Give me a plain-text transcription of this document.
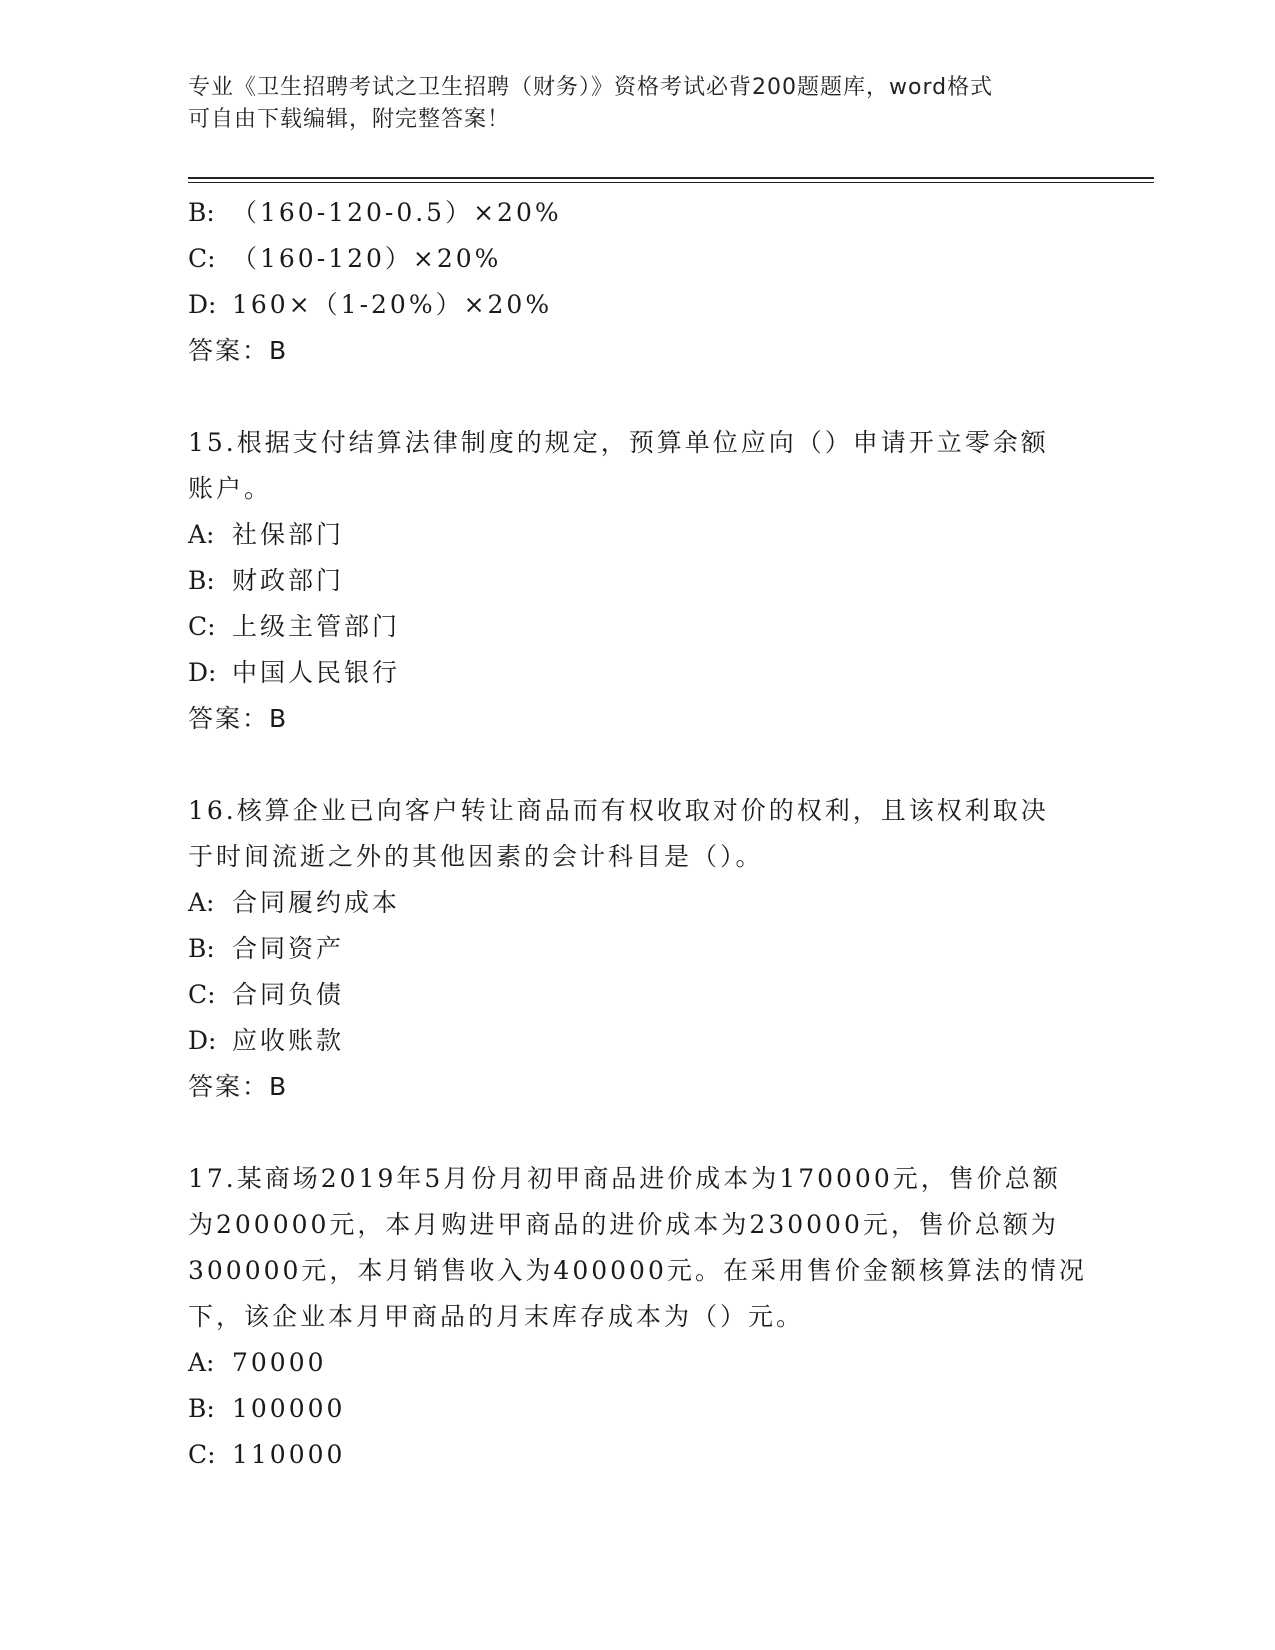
专业《卫生招聘考试之卫生招聘（财务）》资格考试必背200题题库，word格式
可自由下载编辑，附完整答案！
B: （160-120-0.5）×20%
C: （160-120）×20%
D: 160×（1-20%）×20%
答案：B
15.根据支付结算法律制度的规定，预算单位应向（）申请开立零余额
账户。
A: 社保部门
B: 财政部门
C: 上级主管部门
D: 中国人民银行
答案：B
16.核算企业已向客户转让商品而有权收取对价的权利，且该权利取决
于时间流逝之外的其他因素的会计科目是（）。
A: 合同履约成本
B: 合同资产
C: 合同负债
D: 应收账款
答案：B
17.某商场2019年5月份月初甲商品进价成本为170000元，售价总额
为200000元，本月购进甲商品的进价成本为230000元，售价总额为
300000元，本月销售收入为400000元。在采用售价金额核算法的情况
下，该企业本月甲商品的月末库存成本为（）元。
A: 70000
B: 100000
C: 110000
